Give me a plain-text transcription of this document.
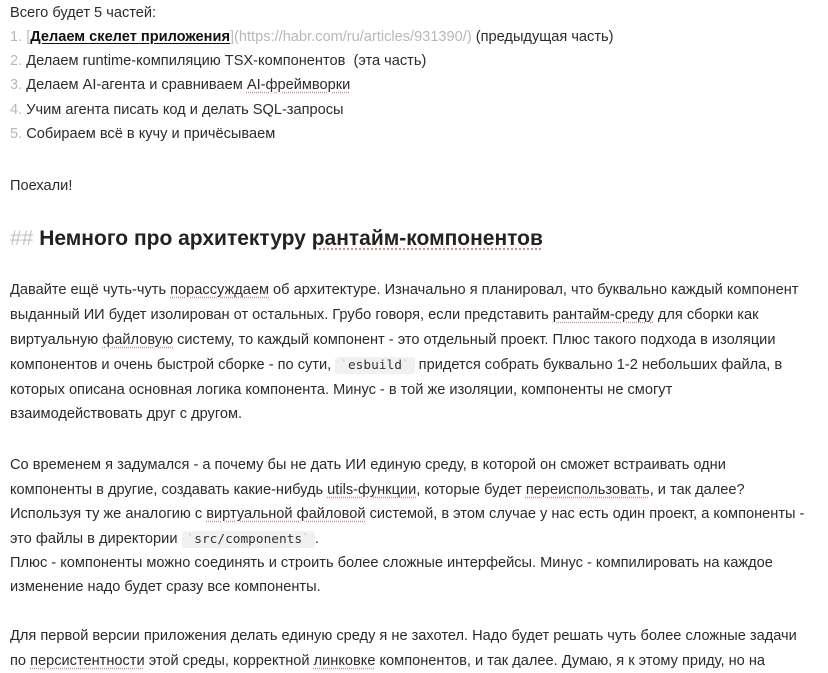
Всего будет 5 частей:
1. [Делаем скелет приложения](https://habr.com/ru/articles/931390/) (предыдущая часть)
2. Делаем runtime-компиляцию TSX-компонентов  (эта часть)
3. Делаем AI-агента и сравниваем AI-фреймворки
4. Учим агента писать код и делать SQL-запросы
5. Собираем всё в кучу и причёсываем
Поехали!
## Немного про архитектуру рантайм-компонентов
Давайте ещё чуть-чуть порассуждаем об архитектуре. Изначально я планировал, что буквально каждый компонент
выданный ИИ будет изолирован от остальных. Грубо говоря, если представить рантайм-среду для сборки как
виртуальную файловую систему, то каждый компонент - это отдельный проект. Плюс такого подхода в изоляции
компонентов и очень быстрой сборке - по сути, `esbuild` придется собрать буквально 1-2 небольших файла, в
которых описана основная логика компонента. Минус - в той же изоляции, компоненты не смогут
взаимодействовать друг с другом.
Со временем я задумался - а почему бы не дать ИИ единую среду, в которой он сможет встраивать одни
компоненты в другие, создавать какие-нибудь utils-функции, которые будет переиспользовать, и так далее?
Используя ту же аналогию с виртуальной файловой системой, в этом случае у нас есть один проект, а компоненты -
это файлы в директории `src/components` .
Плюс - компоненты можно соединять и строить более сложные интерфейсы. Минус - компилировать на каждое
изменение надо будет сразу все компоненты.
Для первой версии приложения делать единую среду я не захотел. Надо будет решать чуть более сложные задачи
по персистентности этой среды, корректной линковке компонентов, и так далее. Думаю, я к этому приду, но на
